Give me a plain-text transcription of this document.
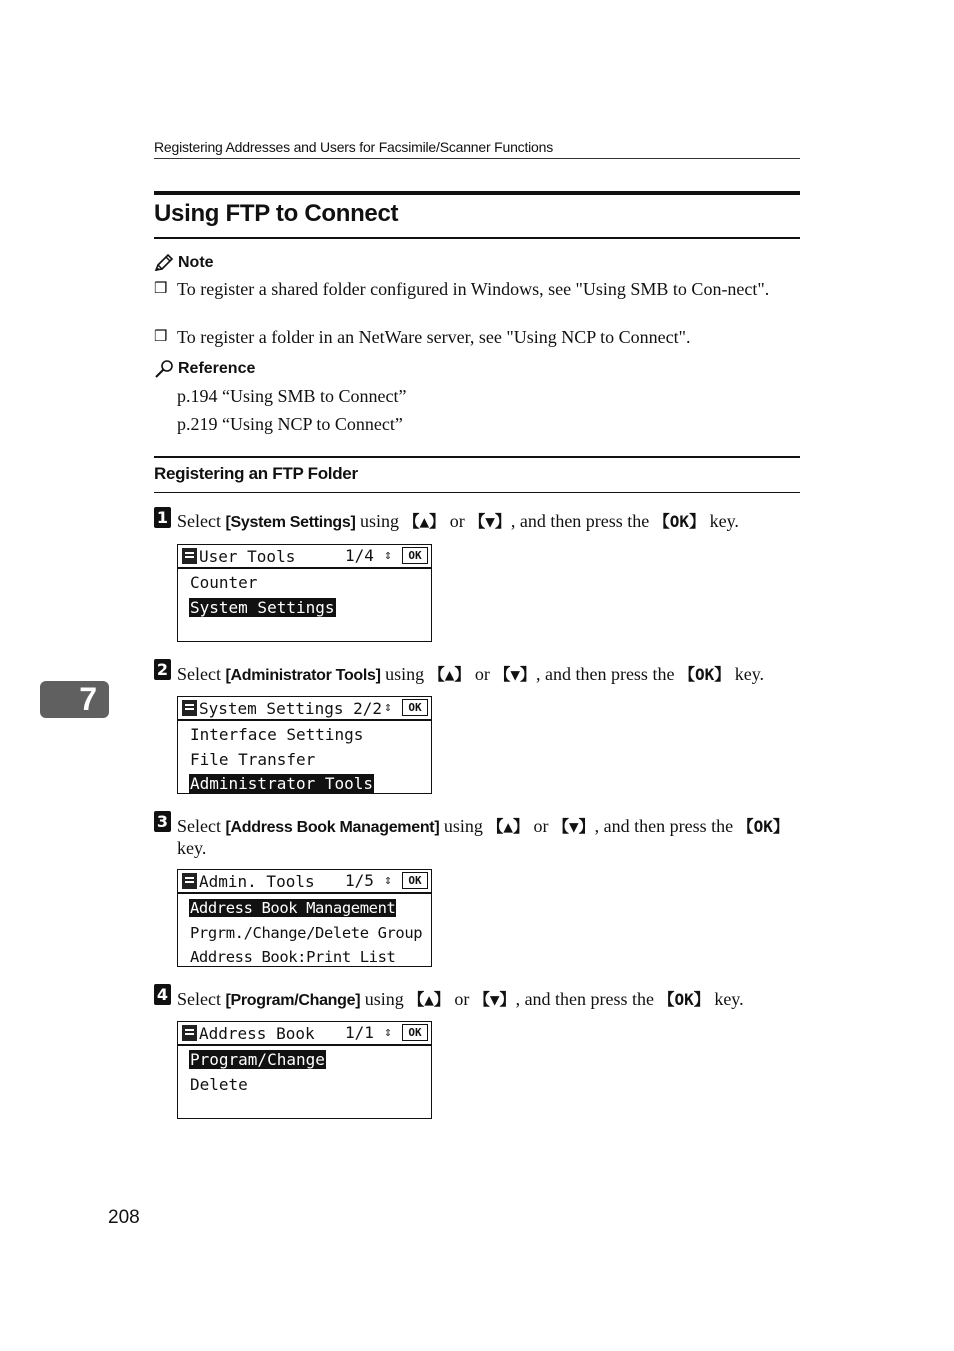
Registering Addresses and Users for Facsimile/Scanner Functions
Using FTP to Connect
Note
❒ To register a shared folder configured in Windows, see "Using SMB to Con-nect".
❒ To register a folder in an NetWare server, see "Using NCP to Connect".
Reference
p.194 “Using SMB to Connect”
p.219 “Using NCP to Connect”
Registering an FTP Folder
1 Select [System Settings] using 【▲】 or 【▼】, and then press the 【OK】 key.
User Tools	1/4 ⇕	OK
Counter
System Settings
2 Select [Administrator Tools] using 【▲】 or 【▼】, and then press the 【OK】 key.
System Settings 2/2 ⇕	OK
Interface Settings
File Transfer
Administrator Tools
7
3 Select [Address Book Management] using 【▲】 or 【▼】, and then press the 【OK】 key.
Admin. Tools 1/5 ⇕	OK
Address Book Management
Prgrm./Change/Delete Group
Address Book:Print List
4 Select [Program/Change] using 【▲】 or 【▼】, and then press the 【OK】 key.
Address Book 1/1 ⇕	OK
Program/Change
Delete
208
